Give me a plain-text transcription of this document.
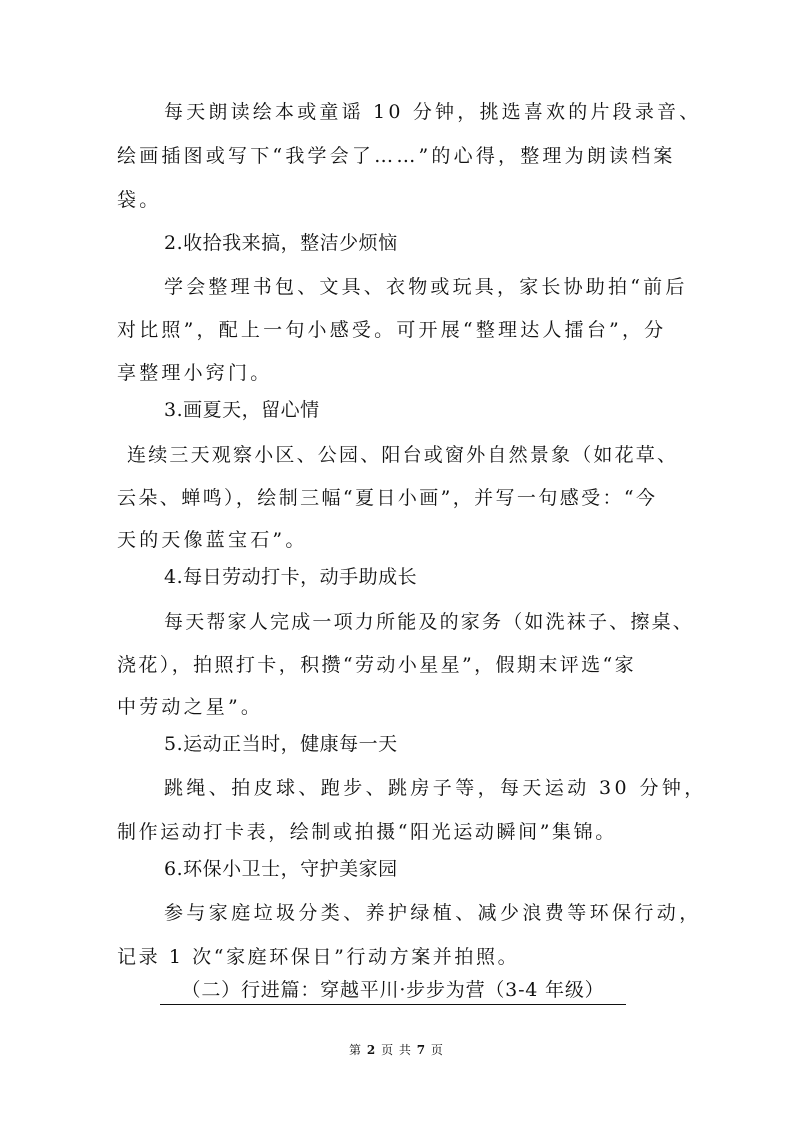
每天朗读绘本或童谣 10 分钟，挑选喜欢的片段录音、
绘画插图或写下“我学会了……”的心得，整理为朗读档案
袋。
2.收拾我来搞，整洁少烦恼
学会整理书包、文具、衣物或玩具，家长协助拍“前后
对比照”，配上一句小感受。可开展“整理达人擂台”，分
享整理小窍门。
3.画夏天，留心情
连续三天观察小区、公园、阳台或窗外自然景象（如花草、
云朵、蝉鸣），绘制三幅“夏日小画”，并写一句感受：“今
天的天像蓝宝石”。
4.每日劳动打卡，动手助成长
每天帮家人完成一项力所能及的家务（如洗袜子、擦桌、
浇花），拍照打卡，积攒“劳动小星星”，假期末评选“家
中劳动之星”。
5.运动正当时，健康每一天
跳绳、拍皮球、跑步、跳房子等，每天运动 30 分钟，
制作运动打卡表，绘制或拍摄“阳光运动瞬间”集锦。
6.环保小卫士，守护美家园
参与家庭垃圾分类、养护绿植、减少浪费等环保行动，
记录 1 次“家庭环保日”行动方案并拍照。
（二）行进篇：穿越平川·步步为营（3-4 年级）
第 2 页 共 7 页
